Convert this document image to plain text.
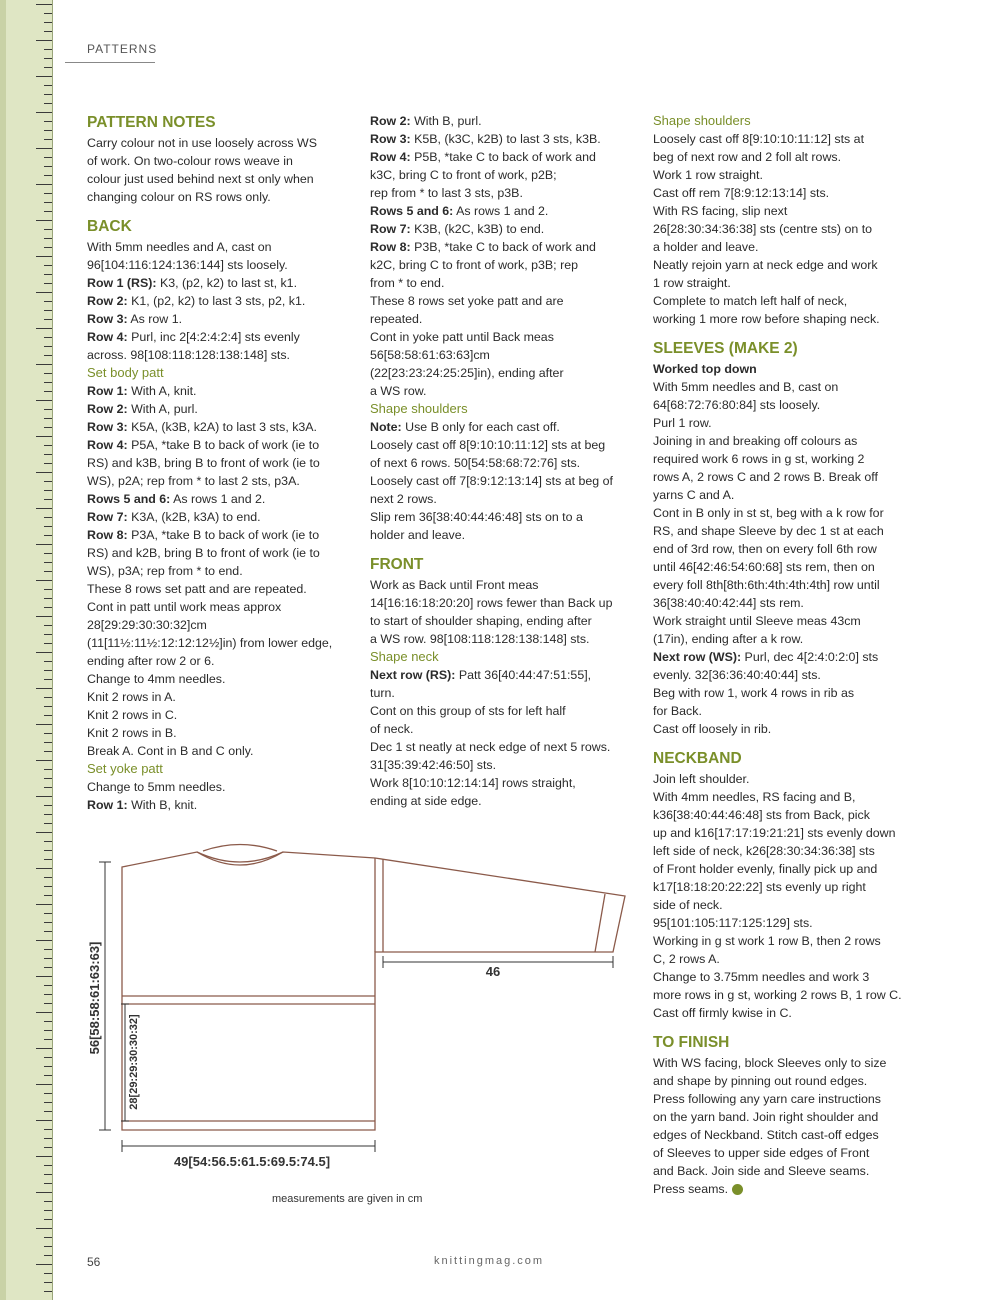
PATTERNS
PATTERN NOTES
Carry colour not in use loosely across WS
of work. On two-colour rows weave in
colour just used behind next st only when
changing colour on RS rows only.
BACK
With 5mm needles and A, cast on
96[104:116:124:136:144] sts loosely.
Row 1 (RS): K3, (p2, k2) to last st, k1.
Row 2: K1, (p2, k2) to last 3 sts, p2, k1.
Row 3: As row 1.
Row 4: Purl, inc 2[4:2:4:2:4] sts evenly
across. 98[108:118:128:138:148] sts.
Set body patt
Row 1: With A, knit.
Row 2: With A, purl.
Row 3: K5A, (k3B, k2A) to last 3 sts, k3A.
Row 4: P5A, *take B to back of work (ie to
RS) and k3B, bring B to front of work (ie to
WS), p2A; rep from * to last 2 sts, p3A.
Rows 5 and 6: As rows 1 and 2.
Row 7: K3A, (k2B, k3A) to end.
Row 8: P3A, *take B to back of work (ie to
RS) and k2B, bring B to front of work (ie to
WS), p3A; rep from * to end.
These 8 rows set patt and are repeated.
Cont in patt until work meas approx
28[29:29:30:30:32]cm
(11[11½:11½:12:12:12½]in) from lower edge,
ending after row 2 or 6.
Change to 4mm needles.
Knit 2 rows in A.
Knit 2 rows in C.
Knit 2 rows in B.
Break A. Cont in B and C only.
Set yoke patt
Change to 5mm needles.
Row 1: With B, knit.
Row 2: With B, purl.
Row 3: K5B, (k3C, k2B) to last 3 sts, k3B.
Row 4: P5B, *take C to back of work and
k3C, bring C to front of work, p2B;
rep from * to last 3 sts, p3B.
Rows 5 and 6: As rows 1 and 2.
Row 7: K3B, (k2C, k3B) to end.
Row 8: P3B, *take C to back of work and
k2C, bring C to front of work, p3B; rep
from * to end.
These 8 rows set yoke patt and are
repeated.
Cont in yoke patt until Back meas
56[58:58:61:63:63]cm
(22[23:23:24:25:25]in), ending after
a WS row.
Shape shoulders
Note: Use B only for each cast off.
Loosely cast off 8[9:10:10:11:12] sts at beg
of next 6 rows. 50[54:58:68:72:76] sts.
Loosely cast off 7[8:9:12:13:14] sts at beg of
next 2 rows.
Slip rem 36[38:40:44:46:48] sts on to a
holder and leave.
FRONT
Work as Back until Front meas
14[16:16:18:20:20] rows fewer than Back up
to start of shoulder shaping, ending after
a WS row. 98[108:118:128:138:148] sts.
Shape neck
Next row (RS): Patt 36[40:44:47:51:55],
turn.
Cont on this group of sts for left half
of neck.
Dec 1 st neatly at neck edge of next 5 rows.
31[35:39:42:46:50] sts.
Work 8[10:10:12:14:14] rows straight,
ending at side edge.
Shape shoulders
Loosely cast off 8[9:10:10:11:12] sts at
beg of next row and 2 foll alt rows.
Work 1 row straight.
Cast off rem 7[8:9:12:13:14] sts.
With RS facing, slip next
26[28:30:34:36:38] sts (centre sts) on to
a holder and leave.
Neatly rejoin yarn at neck edge and work
1 row straight.
Complete to match left half of neck,
working 1 more row before shaping neck.
SLEEVES (MAKE 2)
Worked top down
With 5mm needles and B, cast on
64[68:72:76:80:84] sts loosely.
Purl 1 row.
Joining in and breaking off colours as
required work 6 rows in g st, working 2
rows A, 2 rows C and 2 rows B. Break off
yarns C and A.
Cont in B only in st st, beg with a k row for
RS, and shape Sleeve by dec 1 st at each
end of 3rd row, then on every foll 6th row
until 46[42:46:54:60:68] sts rem, then on
every foll 8th[8th:6th:4th:4th:4th] row until
36[38:40:40:42:44] sts rem.
Work straight until Sleeve meas 43cm
(17in), ending after a k row.
Next row (WS): Purl, dec 4[2:4:0:2:0] sts
evenly. 32[36:36:40:40:44] sts.
Beg with row 1, work 4 rows in rib as
for Back.
Cast off loosely in rib.
NECKBAND
Join left shoulder.
With 4mm needles, RS facing and B,
k36[38:40:44:46:48] sts from Back, pick
up and k16[17:17:19:21:21] sts evenly down
left side of neck, k26[28:30:34:36:38] sts
of Front holder evenly, finally pick up and
k17[18:18:20:22:22] sts evenly up right
side of neck.
95[101:105:117:125:129] sts.
Working in g st work 1 row B, then 2 rows
C, 2 rows A.
Change to 3.75mm needles and work 3
more rows in g st, working 2 rows B, 1 row C.
Cast off firmly kwise in C.
TO FINISH
With WS facing, block Sleeves only to size
and shape by pinning out round edges.
Press following any yarn care instructions
on the yarn band. Join right shoulder and
edges of Neckband. Stitch cast-off edges
of Sleeves to upper side edges of Front
and Back. Join side and Sleeve seams.
Press seams.
56[58:58:61:63:63]
28[29:29:30:30:32]
49[54:56.5:61.5:69.5:74.5]
46
measurements are given in cm
56	knittingmag.com
